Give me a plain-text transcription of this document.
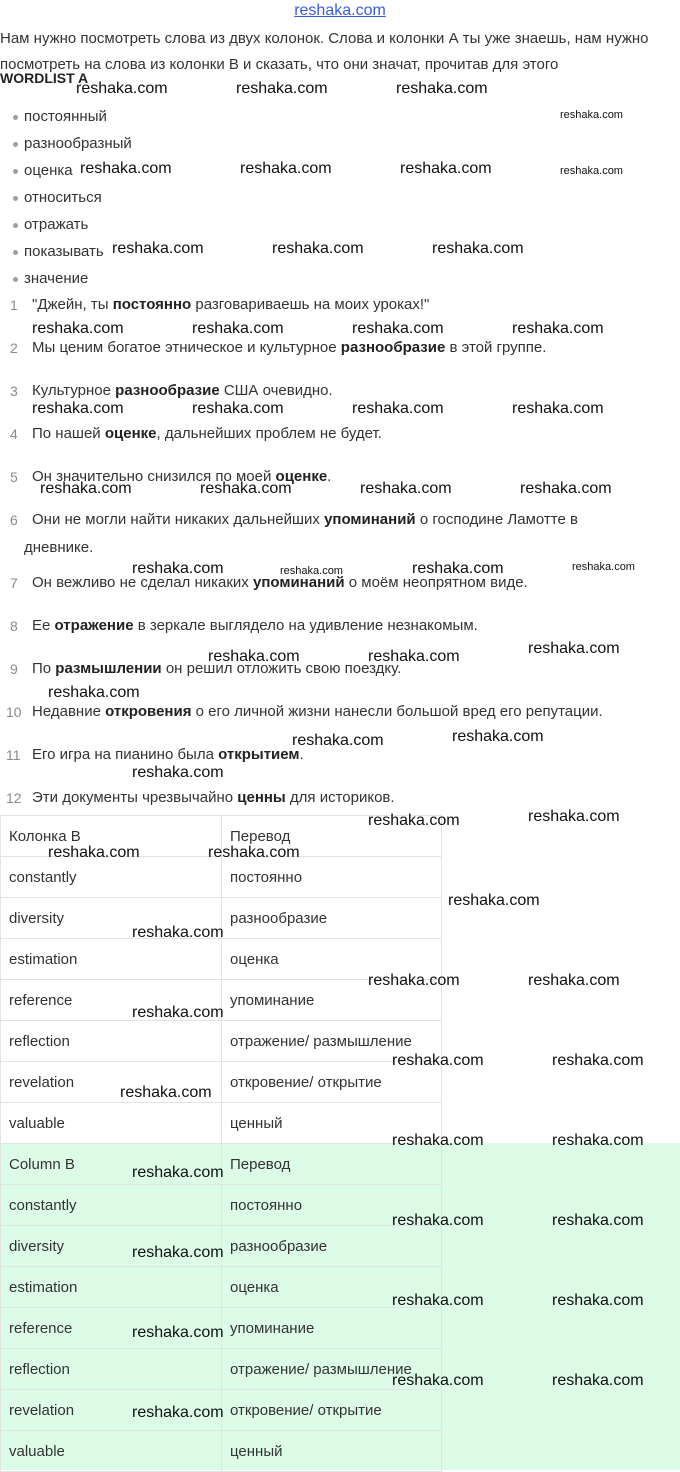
reshaka.com
Нам нужно посмотреть слова из двух колонок. Слова и колонки А ты уже знаешь, нам нужно посмотреть на слова из колонки В и сказать, что они значат, прочитав для этого
WORDLIST A
постоянный
разнообразный
оценка
относиться
отражать
показывать
значение
1 "Джейн, ты постоянно разговариваешь на моих уроках!"
2 Мы ценим богатое этническое и культурное разнообразие в этой группе.
3 Культурное разнообразие США очевидно.
4 По нашей оценке, дальнейших проблем не будет.
5 Он значительно снизился по моей оценке.
6 Они не могли найти никаких дальнейших упоминаний о господине Ламотте в
дневнике.
7 Он вежливо не сделал никаких упоминаний о моём неопрятном виде.
8 Ее отражение в зеркале выглядело на удивление незнакомым.
9 По размышлении он решил отложить свою поездку.
10 Недавние откровения о его личной жизни нанесли большой вред его репутации.
11 Его игра на пианино была открытием.
12 Эти документы чрезвычайно ценны для историков.
Колонка B	Перевод
constantly	постоянно
diversity	разнообразие
estimation	оценка
reference	упоминание
reflection	отражение/ размышление
revelation	откровение/ открытие
valuable	ценный
Column B	Перевод
constantly	постоянно
diversity	разнообразие
estimation	оценка
reference	упоминание
reflection	отражение/ размышление
revelation	откровение/ открытие
valuable	ценный
reshaka.com	reshaka.com	reshaka.com
reshaka.com
reshaka.com	reshaka.com	reshaka.com	reshaka.com
reshaka.com	reshaka.com	reshaka.com
reshaka.com	reshaka.com	reshaka.com	reshaka.com
reshaka.com	reshaka.com	reshaka.com	reshaka.com
reshaka.com	reshaka.com	reshaka.com	reshaka.com
reshaka.com	reshaka.com	reshaka.com	reshaka.com
reshaka.com	reshaka.com	reshaka.com
reshaka.com
reshaka.com	reshaka.com
reshaka.com
reshaka.com	reshaka.com
reshaka.com	reshaka.com
reshaka.com
reshaka.com
reshaka.com	reshaka.com
reshaka.com
reshaka.com	reshaka.com
reshaka.com
reshaka.com	reshaka.com
reshaka.com
reshaka.com	reshaka.com
reshaka.com
reshaka.com	reshaka.com
reshaka.com
reshaka.com	reshaka.com
reshaka.com
